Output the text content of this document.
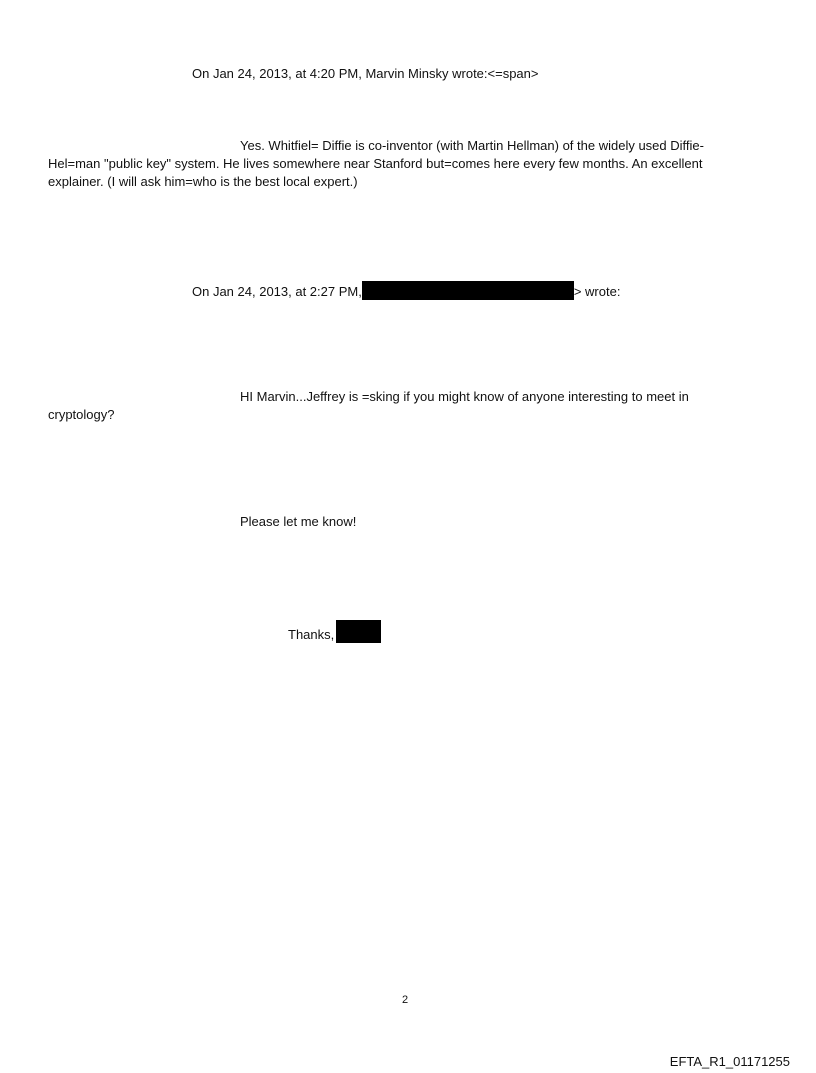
On Jan 24, 2013, at 4:20 PM, Marvin Minsky wrote:<=span>
Yes. Whitfiel= Diffie is co-inventor (with Martin Hellman) of the widely used Diffie-
Hel=man "public key" system. He lives somewhere near Stanford but=comes here every few months. An excellent
explainer. (I will ask him=who is the best local expert.)
On Jan 24, 2013, at 2:27 PM,	> wrote:
HI Marvin...Jeffrey is =sking if you might know of anyone interesting to meet in
cryptology?
Please let me know!
Thanks,
2
EFTA_R1_01171255
